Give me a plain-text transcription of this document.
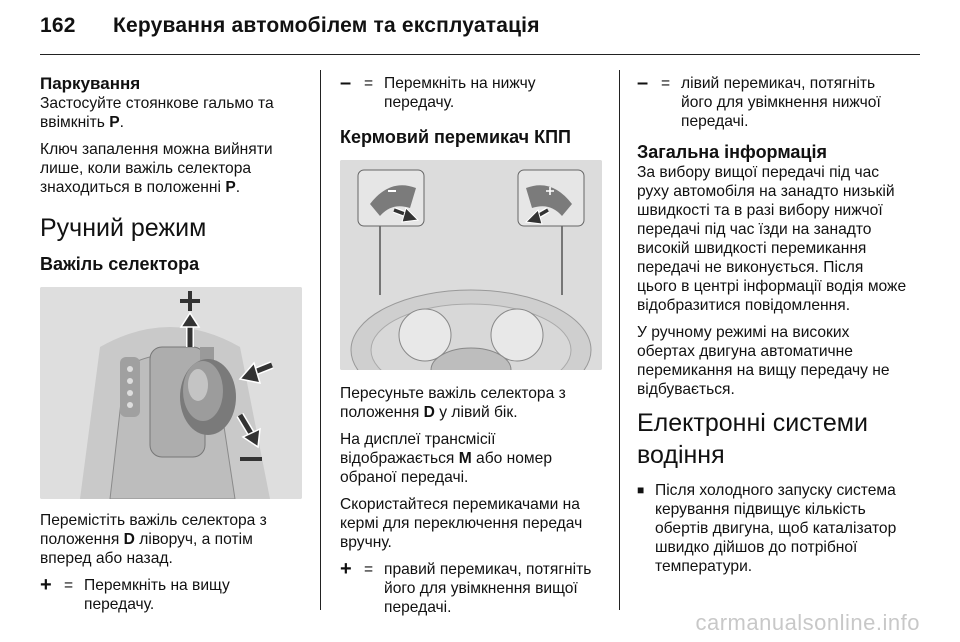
162 Керування автомобілем та експлуатація
Паркування

Застосуйте стоянкове гальмо та ввімкніть P.

Ключ запалення можна вийняти лише, коли важіль селектора знаходиться в положенні P.

Ручний режим
Важіль селектора

Перемістіть важіль селектора з положення D ліворуч, а потім вперед або назад.

+ = Перемкніть на вищу передачу.
– = Перемкніть на нижчу передачу.
Кермовий перемикач КПП

Пересуньте важіль селектора з положення D у лівий бік.

На дисплеї трансмісії відображається M або номер обраної передачі.

Скористайтеся перемикачами на кермі для переключення передач вручну.

+ = правий перемикач, потягніть його для увімкнення вищої передачі.
– = лівий перемикач, потягніть його для увімкнення нижчої передачі.
Загальна інформація

За вибору вищої передачі під час руху автомобіля на занадто низькій швидкості та в разі вибору нижчої передачі під час їзди на занадто високій швидкості перемикання передачі не виконується. Після цього в центрі інформації водія може відобразитися повідомлення.

У ручному режимі на високих обертах двигуна автоматичне перемикання на вищу передачу не відбувається.

Електронні системи водіння
■ Після холодного запуску система керування підвищує кількість обертів двигуна, щоб каталізатор швидко дійшов до потрібної температури.
carmanualsonline.info
